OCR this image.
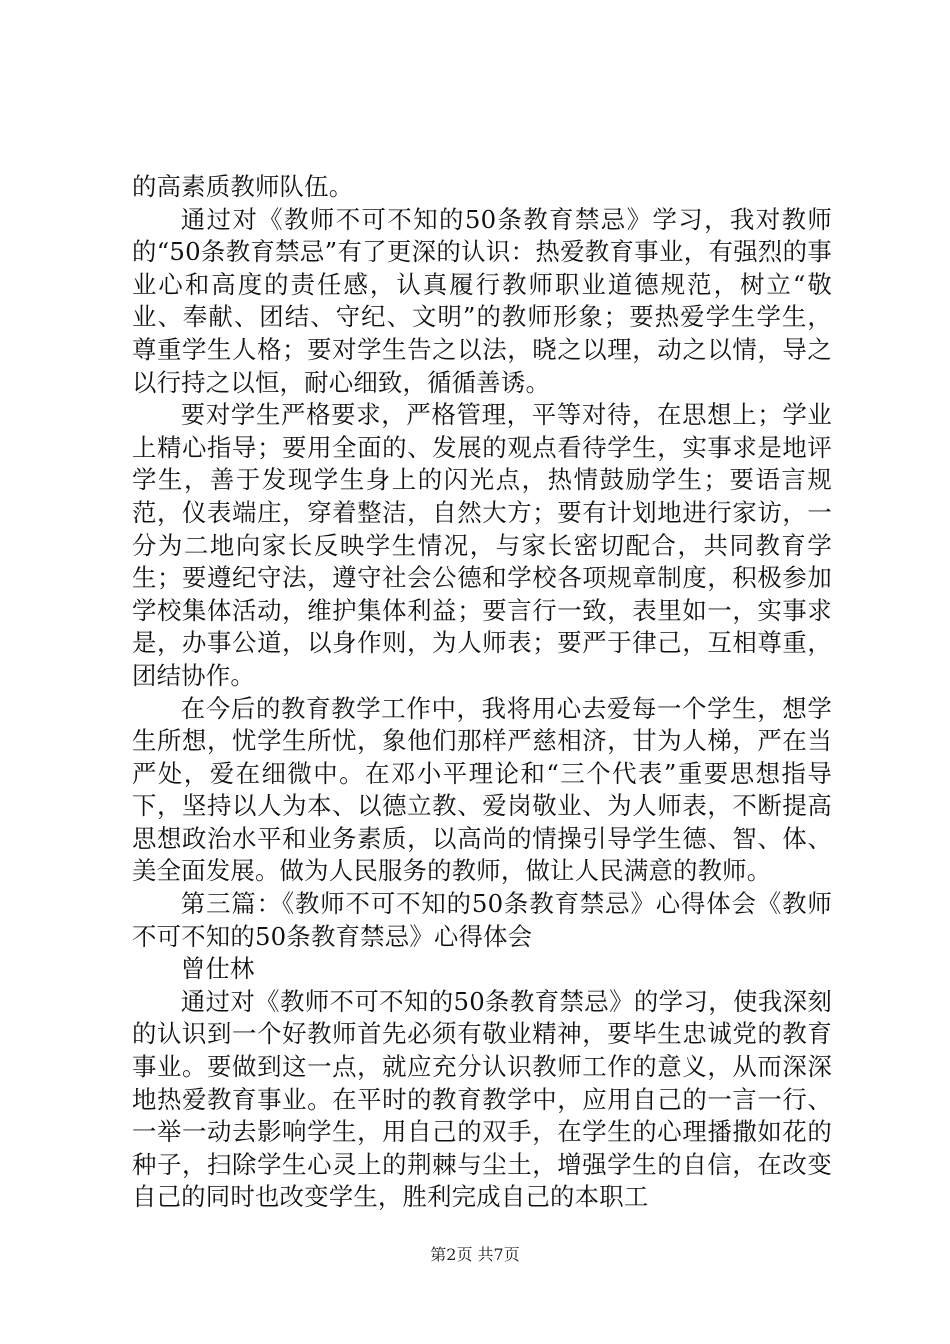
的高素质教师队伍。

通过对《教师不可不知的50条教育禁忌》学习，我对教师的“50条教育禁忌”有了更深的认识：热爱教育事业，有强烈的事业心和高度的责任感，认真履行教师职业道德规范，树立“敬业、奉献、团结、守纪、文明”的教师形象；要热爱学生学生，尊重学生人格；要对学生告之以法，晓之以理，动之以情，导之以行持之以恒，耐心细致，循循善诱。

要对学生严格要求，严格管理，平等对待，在思想上；学业上精心指导；要用全面的、发展的观点看待学生，实事求是地评学生，善于发现学生身上的闪光点，热情鼓励学生；要语言规范，仪表端庄，穿着整洁，自然大方；要有计划地进行家访，一分为二地向家长反映学生情况，与家长密切配合，共同教育学生；要遵纪守法，遵守社会公德和学校各项规章制度，积极参加学校集体活动，维护集体利益；要言行一致，表里如一，实事求是，办事公道，以身作则，为人师表；要严于律己，互相尊重，团结协作。

在今后的教育教学工作中，我将用心去爱每一个学生，想学生所想，忧学生所忧，象他们那样严慈相济，甘为人梯，严在当严处，爱在细微中。在邓小平理论和“三个代表”重要思想指导下，坚持以人为本、以德立教、爱岗敬业、为人师表，不断提高思想政治水平和业务素质，以高尚的情操引导学生德、智、体、美全面发展。做为人民服务的教师，做让人民满意的教师。

第三篇：《教师不可不知的50条教育禁忌》心得体会《教师不可不知的50条教育禁忌》心得体会

曾仕林

通过对《教师不可不知的50条教育禁忌》的学习，使我深刻的认识到一个好教师首先必须有敬业精神，要毕生忠诚党的教育事业。要做到这一点，就应充分认识教师工作的意义，从而深深地热爱教育事业。在平时的教育教学中，应用自己的一言一行、一举一动去影响学生，用自己的双手，在学生的心理播撒如花的种子，扫除学生心灵上的荆棘与尘土，增强学生的自信，在改变自己的同时也改变学生，胜利完成自己的本职工

第2页 共7页
